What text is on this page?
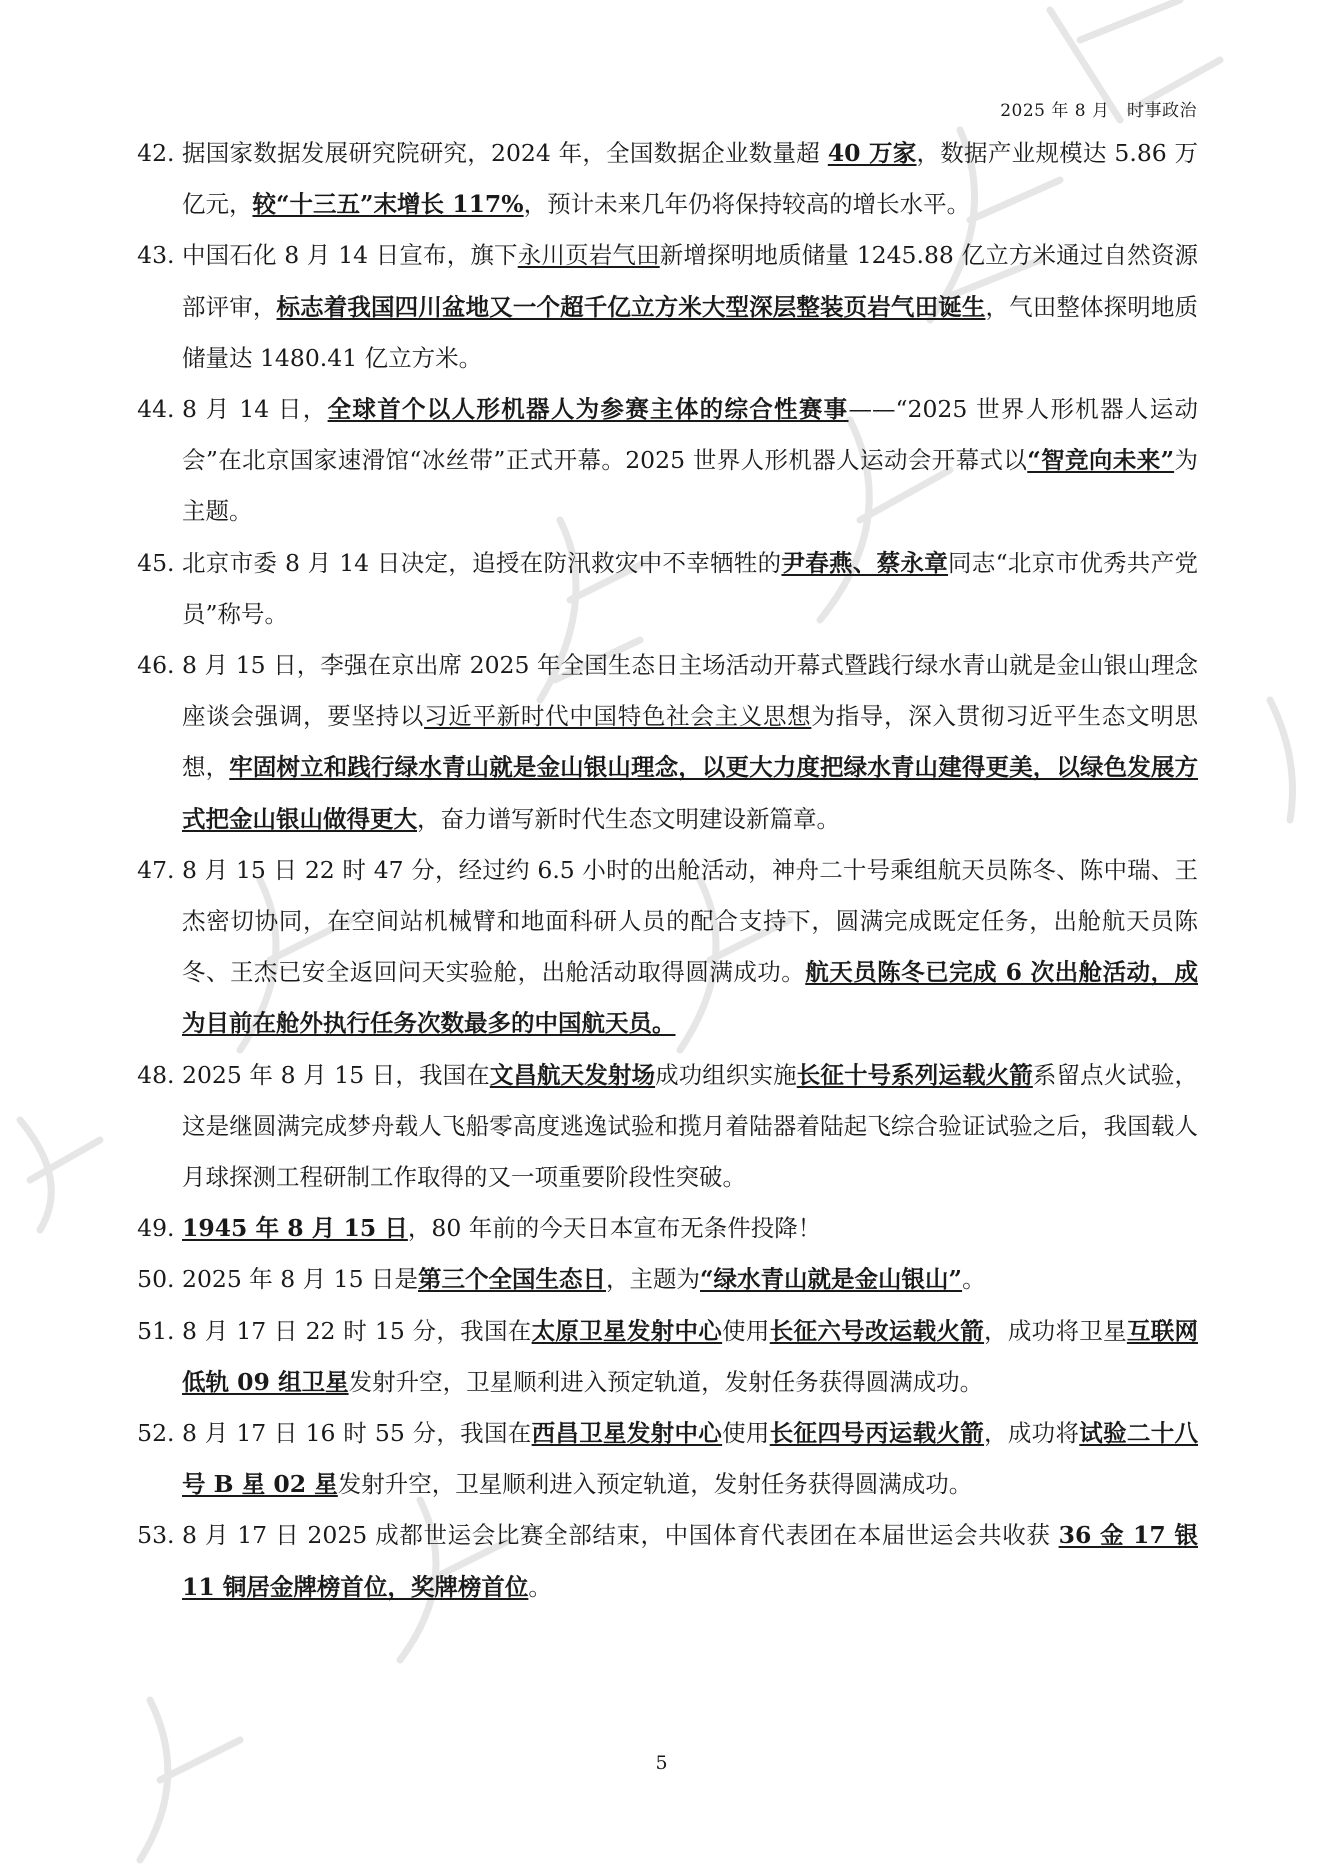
2025 年 8 月　时事政治
42. 据国家数据发展研究院研究，2024 年，全国数据企业数量超 40 万家，数据产业规模达 5.86 万亿元，较“十三五”末增长 117%，预计未来几年仍将保持较高的增长水平。
43. 中国石化 8 月 14 日宣布，旗下永川页岩气田新增探明地质储量 1245.88 亿立方米通过自然资源部评审，标志着我国四川盆地又一个超千亿立方米大型深层整装页岩气田诞生，气田整体探明地质储量达 1480.41 亿立方米。
44. 8 月 14 日，全球首个以人形机器人为参赛主体的综合性赛事——“2025 世界人形机器人运动会”在北京国家速滑馆“冰丝带”正式开幕。2025 世界人形机器人运动会开幕式以“智竞向未来”为主题。
45. 北京市委 8 月 14 日决定，追授在防汛救灾中不幸牺牲的尹春燕、蔡永章同志“北京市优秀共产党员”称号。
46. 8 月 15 日，李强在京出席 2025 年全国生态日主场活动开幕式暨践行绿水青山就是金山银山理念座谈会强调，要坚持以习近平新时代中国特色社会主义思想为指导，深入贯彻习近平生态文明思想，牢固树立和践行绿水青山就是金山银山理念，以更大力度把绿水青山建得更美，以绿色发展方式把金山银山做得更大，奋力谱写新时代生态文明建设新篇章。
47. 8 月 15 日 22 时 47 分，经过约 6.5 小时的出舱活动，神舟二十号乘组航天员陈冬、陈中瑞、王杰密切协同，在空间站机械臂和地面科研人员的配合支持下，圆满完成既定任务，出舱航天员陈冬、王杰已安全返回问天实验舱，出舱活动取得圆满成功。航天员陈冬已完成 6 次出舱活动，成为目前在舱外执行任务次数最多的中国航天员。
48. 2025 年 8 月 15 日，我国在文昌航天发射场成功组织实施长征十号系列运载火箭系留点火试验，这是继圆满完成梦舟载人飞船零高度逃逸试验和揽月着陆器着陆起飞综合验证试验之后，我国载人月球探测工程研制工作取得的又一项重要阶段性突破。
49. 1945 年 8 月 15 日，80 年前的今天日本宣布无条件投降！
50. 2025 年 8 月 15 日是第三个全国生态日，主题为“绿水青山就是金山银山”。
51. 8 月 17 日 22 时 15 分，我国在太原卫星发射中心使用长征六号改运载火箭，成功将卫星互联网低轨 09 组卫星发射升空，卫星顺利进入预定轨道，发射任务获得圆满成功。
52. 8 月 17 日 16 时 55 分，我国在西昌卫星发射中心使用长征四号丙运载火箭，成功将试验二十八号 B 星 02 星发射升空，卫星顺利进入预定轨道，发射任务获得圆满成功。
53. 8 月 17 日 2025 成都世运会比赛全部结束，中国体育代表团在本届世运会共收获 36 金 17 银 11 铜居金牌榜首位，奖牌榜首位。
5
